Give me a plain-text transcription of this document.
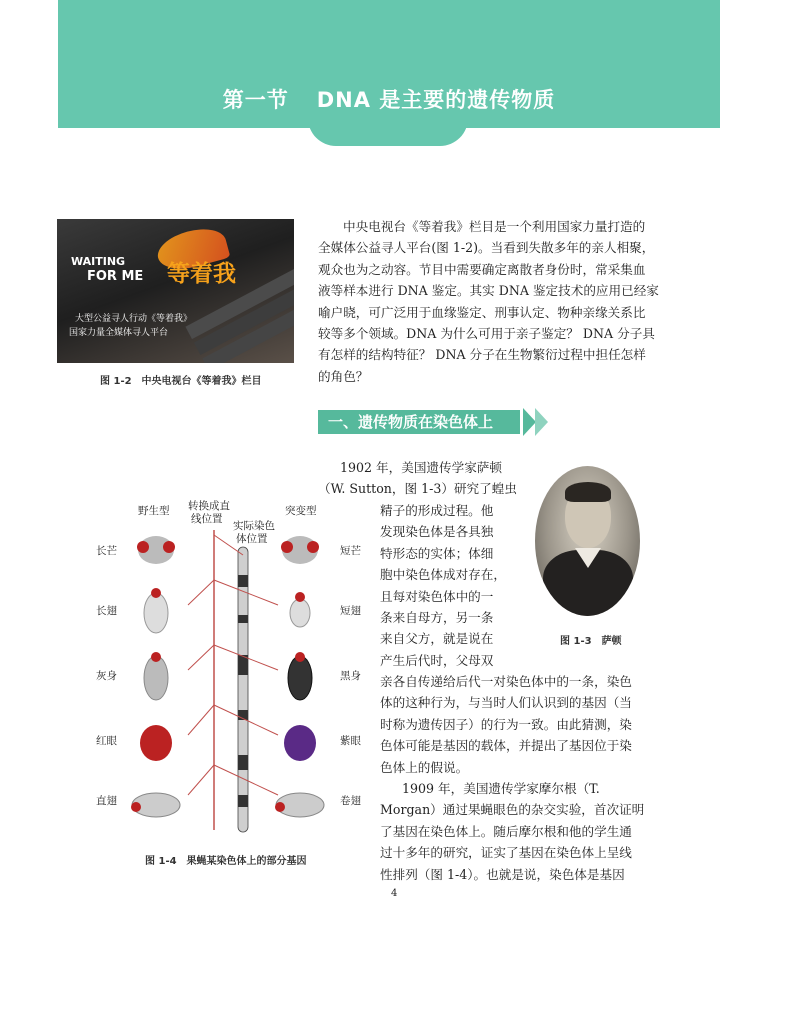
第一节 DNA 是主要的遗传物质
WAITING
FOR ME 等着我
大型公益寻人行动《等着我》
国家力量全媒体寻人平台
图 1-2　中央电视台《等着我》栏目
中央电视台《等着我》栏目是一个利用国家力量打造的
全媒体公益寻人平台(图 1-2)。当看到失散多年的亲人相聚，
观众也为之动容。节目中需要确定离散者身份时，常采集血
液等样本进行 DNA 鉴定。其实 DNA 鉴定技术的应用已经家
喻户晓，可广泛用于血缘鉴定、刑事认定、物种亲缘关系比
较等多个领域。DNA 为什么可用于亲子鉴定？ DNA 分子具
有怎样的结构特征？ DNA 分子在生物繁衍过程中担任怎样
的角色？
一、遗传物质在染色体上
图 1-3　萨顿
1902 年，美国遗传学家萨顿
（W. Sutton，图 1-3）研究了蝗虫
精子的形成过程。他
发现染色体是各具独
特形态的实体；体细
胞中染色体成对存在，
且每对染色体中的一
条来自母方，另一条
来自父方，就是说在
产生后代时，父母双
亲各自传递给后代一对染色体中的一条，染色
体的这种行为，与当时人们认识到的基因（当
时称为遗传因子）的行为一致。由此猜测，染
色体可能是基因的载体，并提出了基因位于染
色体上的假说。
1909 年，美国遗传学家摩尔根（T.
Morgan）通过果蝇眼色的杂交实验，首次证明
了基因在染色体上。随后摩尔根和他的学生通
过十多年的研究，证实了基因在染色体上呈线
性排列（图 1-4）。也就是说，染色体是基因
野生型 转换成直
线位置
实际染色
体位置
突变型
长芒
长翅
灰身
红眼
直翅
短芒
短翅
黑身
紫眼
卷翅
图 1-4　果蝇某染色体上的部分基因
4
